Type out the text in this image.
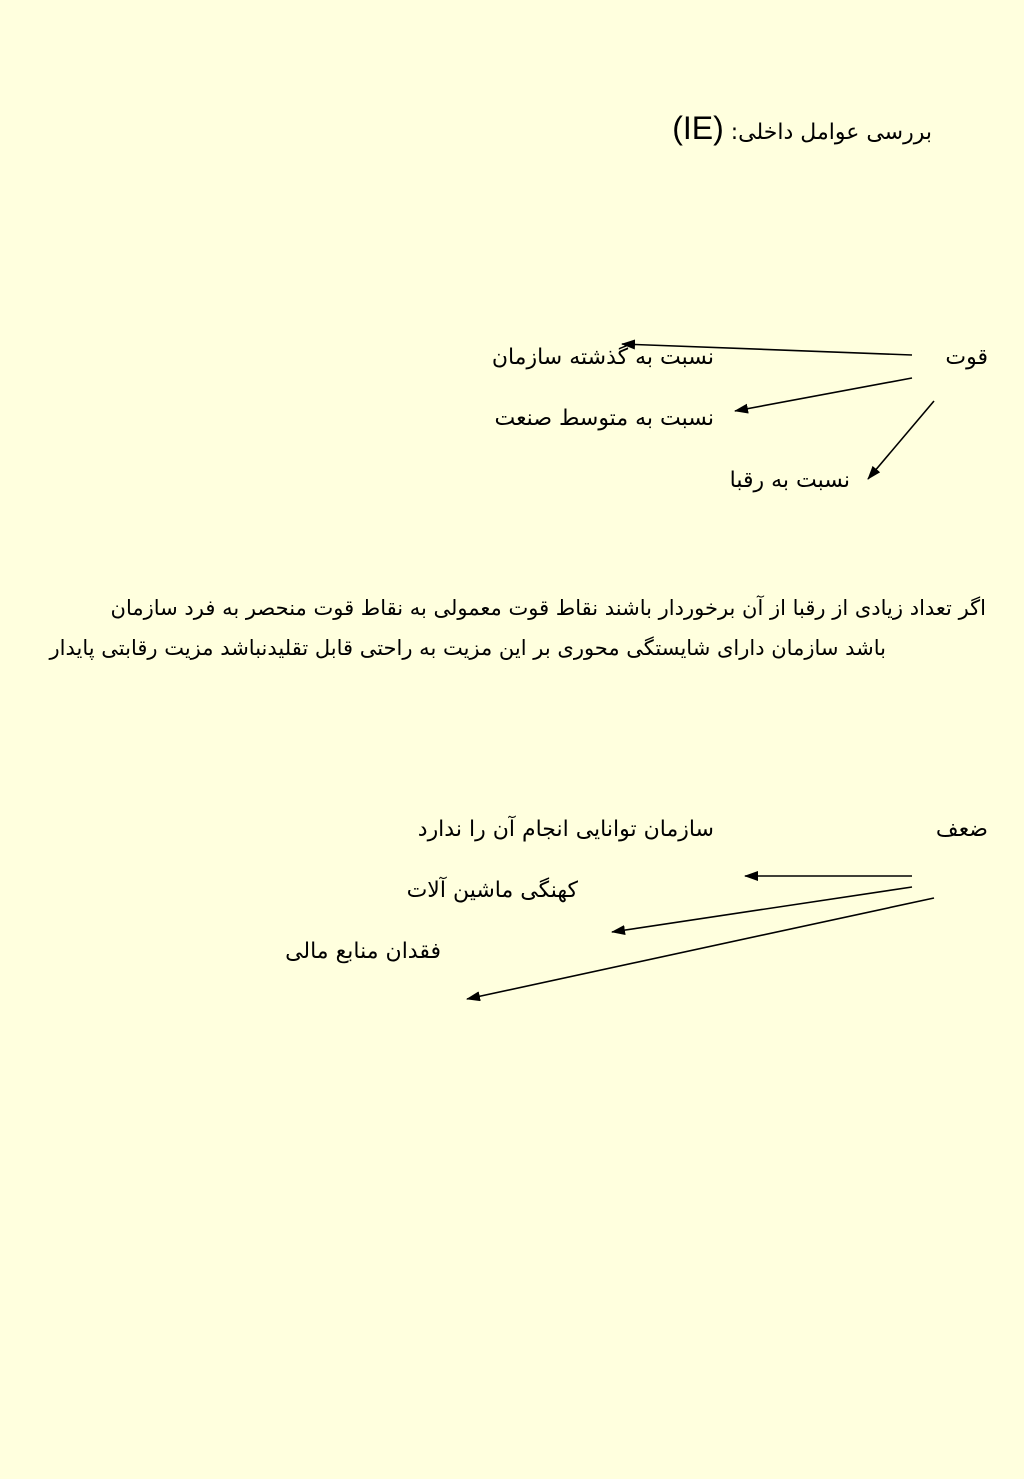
بررسی عوامل داخلی: (IE)
قوت
نسبت به گذشته سازمان
نسبت به متوسط صنعت
نسبت به رقبا
اگر تعداد زیادی از رقبا از آن برخوردار باشند نقاط قوت معمولی به نقاط قوت منحصر به فرد سازمان
باشد سازمان دارای شایستگی محوری بر این مزیت به راحتی قابل تقلیدنباشد مزیت رقابتی پایدار
ضعف
سازمان توانایی انجام آن را ندارد
کهنگی ماشین آلات
فقدان منابع مالی
